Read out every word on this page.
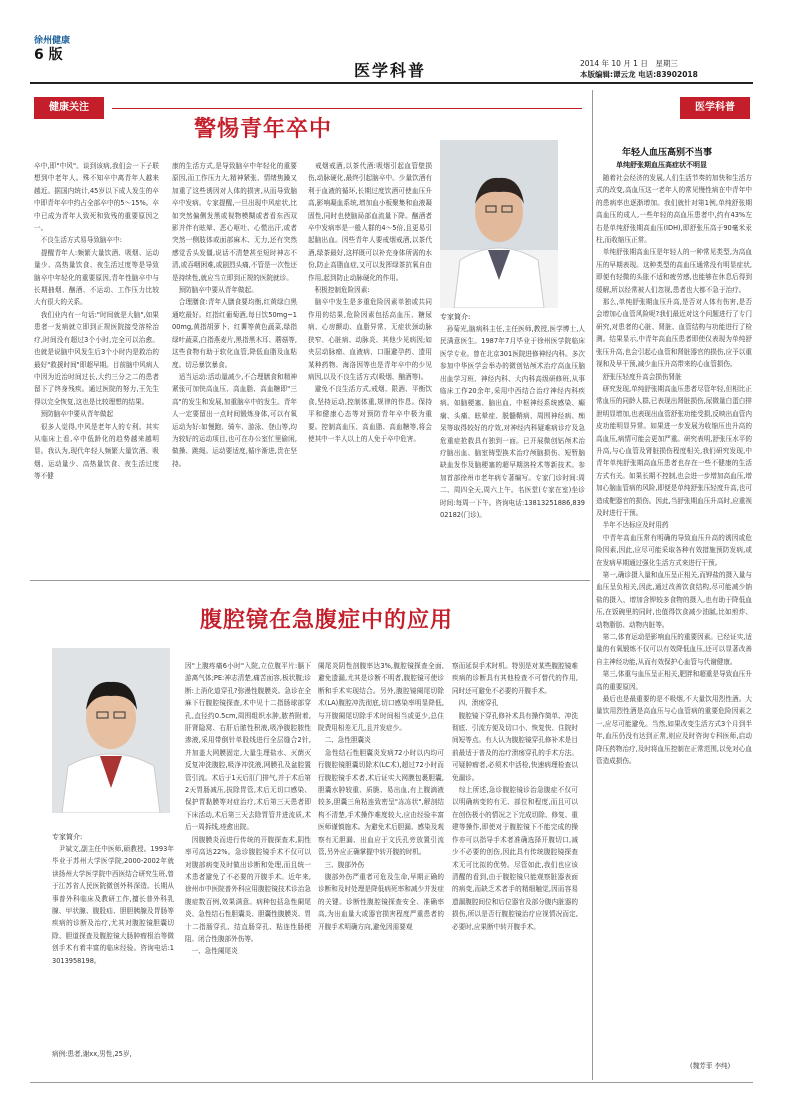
徐州健康
6 版
医学科普	2014 年 10 月 1 日　星期三
本版编辑:谭云龙 电话:83902018
健康关注
警惕青年卒中
卒中,即"中风"。谈到该病,我们会一下子联想到中老年人。殊不知卒中离青年人越来越近。据国内统计,45岁以下成人发生的卒中即青年卒中约占全部卒中的5～15%。卒中已成为青年人致死和致残的重要原因之一。
　不良生活方式易导致脑卒中:
　提醒青年人:频繁大量饮酒、吸烟、运动量少、高热量饮食、夜生活过度等是导致脑卒中年轻化的重要原因,青年性脑卒中与长期抽烟、酗酒、不运动、工作压力比较大有很大的关系。
　我们业内有一句话:"时间就是大脑",如果患者一发病就立即到正规医院接受溶栓治疗,时间没有超过3个小时,完全可以治愈。也就是说脑中风发生后3个小时内是救治的最好"救援时间"即超早期。目前脑中风病人中因为近治时间过长,大约三分之二的患者留下了终身残疾。通过医院的努力,王先生得以完全恢复,这也是比较理想的结果。
　预防脑卒中要从青年做起
　很多人觉得,中风是老年人的专利。其实从临床上看,卒中低龄化的趋势越来越明显。我认为,现代年轻人频繁大量饮酒、吸烟、运动量少、高热量饮食、夜生活过度等不健
康的生活方式,是导致脑卒中年轻化的重要原因,而工作压力大,精神紧张、情绪焦躁又加重了这些诱因对人体的损害,从而导致脑卒中发病。专家提醒,一旦出现中风症状,比如突然偏侧发黑或视物模糊或者看东西双影并伴有眩晕、恶心呕吐、心慌出汗,或者突然一侧肢体或面部麻木、无力,还有突然感觉舌头发僵,说话不清楚甚至短时神志不清,或吞咽困难,或剧烈头痛,不管是一次性还是持续性,就应当立即到正规的医院就诊。
　预防脑卒中要从青年做起。
　合理膳食:青年人膳食要均衡,红黄绿白黑通吃最好。红指红葡萄酒,每日饮50mg~100mg,黄指胡萝卜、红薯等黄色蔬菜,绿指绿叶蔬菜,白指燕麦片,黑指黑木耳、蘑菇等,这些食物有助于软化血管,降低血脂及血粘度。切忌暴饮暴食。
　适当运动:活动量减少,不合理膳食和精神紧张可加快高血压、高血脂、高血糖即"三高"的发生和发展,加重脑卒中的发生。青年人一定要留出一点时间锻炼身体,可以有氧运动为好:如慢跑、骑车、游泳、登山等,均为较好的运动项目,也可在办公室忙里偷闲,做操、跳绳。运动要适度,循序渐进,贵在坚持。
　戒烟戒酒,以茶代酒:吸烟引起血管壁损伤,动脉硬化,最终引起脑卒中。少量饮酒有利于血液的循环,长期过度饮酒可使血压升高,影响凝血系统,增加血小板聚集和血液凝固性,同时也使脑局部血流量下降。酗酒者卒中发病率是一般人群的4～5倍,且更易引起脑出血。因些青年人要戒烟戒酒,以茶代酒,绿茶最好,这样既可以补充身体所需的水份,防止高脂血症,又可以发挥绿茶抗氧自由作用,起到防止动脉硬化的作用。
　积极控制危险因素:
　脑卒中发生是多重危险因素单独或共同作用的结果,危险因素包括高血压、糖尿病、心房颤动、血脂异常、无症状颈动脉狭窄、心脏病、动脉炎、其他少见病因;如夹层动脉瘤、血液病、口服避孕药、遗用某种药物、海洛因等也是青年卒中的少见病因,以及不良生活方式(吸烟、酗酒等)。
　避免不良生活方式,戒烟、限酒、平衡饮食,坚持运动,控制体重,规律的作息。保持平和健康心态等对预防青年卒中极为重要。控制高血压、高血脂、高血糖等,将会使其中一半人以上的人免于卒中危害。
专家简介:
　孙菊光,脑病科主任,主任医师,教授,医学博士,人民满意医生。1987年7月毕业于徐州医学院临床医学专业。曾在北京301医院进修神经内科。多次参加中华医学会举办的微创钻颅术治疗高血压脑出血学习班、神经内科、大内科高级研修班,从事临床工作20余年,采用中西结合治疗神经内科疾病。如脑梗塞、脑出血、中枢神经系统感染、癫痫、头痛、眩晕症、脱髓鞘病、周围神经病、痴呆等取得较好的疗效,对神经内科疑难病诊疗及急危重症抢救具有独到一面。已开展微创钻颅术治疗脑出血、脑室铸型换术治疗颅脑损伤、短暂脑缺血发作及脑梗塞的超早期溶栓术等新技术。参加首部徐州市老年病专著编写。专家门诊时间:周二、周四全天,周六上午。名医堂(专家在室)坐诊时间:每周一下午。咨询电话:13813251886,83902182(门诊)。
腹腔镜在急腹症中的应用
专家简介:
　尹斌文,副主任中医师,硕教授。1993年毕业于苏州大学医学院,2000-2002年就读扬州大学医学院中西医结合研究生班,曾于江苏省人民医院微创外科深造。长期从事普外科临床及教研工作,擅长普外科乳腺、甲状腺、腹股疝、胆胆胰腺及胃肠等疾病的诊断及治疗,尤其对腹腔镜胆囊切除、胆道探查及腹腔镜大肠肿瘤根治等微创手术有着丰富的临床经验。咨询电话:13013958198。
病例:患者,谢xx,男性,25岁,
因"上腹疼痛6小时"入院,立位腹平片:膈下游离气体;PE:神志清楚,痛苦面容,板状腹;诊断:上消化道穿孔?弥漫性腹膜炎。急诊在全麻下行腹腔镜探查,术中见十二指肠球部穿孔,直径约0.5cm,周围组织水肿,脓苔附着,肝肾隐窝、右肝后脓性积液,吸净腹腔脓性渗液,采用带倒针单股线进行全层缝合2针,并加盖大网膜固定,大量生理盐水、灭菌灭反复冲洗腹腔,吸净冲洗液,网膜孔及盆腔置管引流。术后于1天后肛门排气,并于术后第2天胃肠减压,拔除胃管,术后无切口感染、保护胃黏膜等对症治疗,术后第三天患者即下床活动,术后第三天去除胃管并进流质,术后一周拆线,痊愈出院。
　因腹膜炎而进行传统的开腹探查术,阴性率可高达22%。急诊腹腔镜手术不仅可以对腹部病变及时做出诊断和处理,而且统一术患者避免了不必要的开腹手术。近年来,徐州市中医院普外科应用腹腔镜技术诊治急腹症数百例,效果满意。病种包括急性阑尾炎、急性结石性胆囊炎、胆囊性腹膜炎、胃十二指肠穿孔、结直肠穿孔、粘连性肠梗阻、闭合性腹部外伤等。
　一、急性阑尾炎
阑尾炎阴性剖腹率达3%,腹腔镜探查全面,避免遗漏,尤其是诊断不明者,腹腔镜可使诊断和手术实现结合。另外,腹腔镜阑尾切除术(LA)腹腔冲洗彻底,切口感染率明显降低,与开腹阑尾切除手术时间相当或更少,总住院费用相差无几,且并发症少。
　二、急性胆囊炎
　急性结石性胆囊炎发病72小时以内均可行腹腔镜胆囊切除术(LC术),超过72小时而行腹腔镜手术者,术后证实大网膜包裹胆囊,胆囊水肿较重、质脆、易出血,有上腹滴液较多,胆囊三角粘连致密呈"冻冻状",解剖结构不清楚,手术操作难度较大,应由经验丰富医师谨慎施术。为避免术后胆漏、感染及观察有无胆漏、出血应于文氏孔旁放置引流管,另外应正确掌握中转开腹的时机。
　三、腹部外伤
　腹部外伤严重者可危及生命,早期正确的诊断和及时处理是降低病死率和减少并发症的关键。诊断性腹腔镜探查安全、准确率高,为出血量大或器官损害程度严重患者的开腹手术明确方向,避免因需要观
察而延误手术时机。特别是对某些腹腔镜难疾病的诊断具有其他检查不可替代的作用,同时还可避免不必要的开腹手术。
　四、溃疡穿孔
　腹腔镜下穿孔修补术具有操作简单、冲洗彻底、引流方便及切口小、恢复快、住院时间短等点。有人认为腹腔镜穿孔修补术是目前最适于普及的治疗溃疡穿孔的手术方法。可疑肿瘤者,必须术中活检,快速病理检查以免漏诊。
　综上所述,急诊腹腔镜诊治急腹症不仅可以明确病变的有无、部位和程度,而且可以在创伤极小的情况之下完成切除、修复、重建等操作,即使对于腹腔镜下不能完成的操作亦可以指导手术者准确选择开腹切口,减少不必要的创伤,因此具有传统腹腔镜探查术无可比拟的优势。尽管如此,我们也应该清醒的看到,由于腹腔镜只能观察脏器表面的病变,而缺乏术者手的精细触觉,因而容易遗漏腹腔间位和后位器官及部分腹内脏器的损伤,所以是否行腹腔镜治疗应视情况而定,必要时,应果断中转开腹手术。
医学科普
年轻人血压高别不当事
单纯舒张期血压高症状不明显
　随着社会经济的发展,人们生活节奏的加快和生活方式的改变,高血压这一老年人的常见慢性病在中青年中的患病率也逐渐增加。我们就针对第1例,单纯舒张期高血压的成人,一些年轻的高血压患者中,约有43%左右是单纯舒张期高血压(IDH),即舒张压高于90毫米汞柱,而收缩压正常。
　单纯舒张期高血压是年轻人的一种常见类型,为高血压的早期表现。这种类型的高血压通常没有明显症状,即便有轻微的头胀不适和疲劳感,也能够在休息后得到缓解,所以经常被人们忽视,患者也大都不急于治疗。
　那么,单纯舒张期血压升高,是否对人体有伤害,是否会增加心血管风险呢?我们最近对这个问题进行了专门研究,对患者的心脏、肾脏、血管结构与功能进行了检测。结果显示,中青年高血压患者即使仅表现为单纯舒张压升高,也会引起心血管和肾脏器官的损伤,应予以重视和及早干预,减少血压升高带来的心血管损伤。
　舒张压轻度升高会损伤肾脏
　研究发现,单纯舒张期高血压患者尽管年轻,但相比正常血压的同龄人群,已表现出肾脏损伤,尿微量白蛋白排泄明显增加,也表现出血管舒张功能受损,反映出血管内皮功能明显异常。如果进一步发展为收缩压也升高的高血压,病情可能会更加严重。研究表明,舒张压水平的升高,与心血管及肾脏损伤程度相关,我们研究发现,中青年单纯舒张期高血压患者也存在一些不健康的生活方式有关。如果长期不控制,也会进一步增加高血压,增加心脑血管病的风险,即便是单纯舒张压轻度升高,也可造成靶器官的损伤。因此,当舒张期血压升高时,应重视及时进行干预。
　半年不达标应及时用药
　中青年高血压常有明确的导致血压升高的诱因或危险因素,因此,应尽可能采取各种有效措施预防发病,或在发病早期通过强化生活方式来进行干预。
　第一,确诊摄入量和血压呈正相关,而钾盐的摄入量与血压呈负相关,因此,通过改善饮食结构,尽可能减少钠盐的摄入、增加含钾较多食物的摄入,也有助于降低血压,在饭碗里的同时,也值得饮食减少油腻,比如煎炸、动物脂肪、动物内脏等。
　第二,体育运动是影响血压的重要因素。已经证实,适量的有氧锻炼不仅可以有效降低血压,还可以显著改善自主神经功能,从而有效保护心血管与代谢健康。
　第三,体重与血压呈正相关,肥胖和超重是导致血压升高的重要原因。
　最后也是最重要的是不吸烟,不大量饮用烈性酒。大量饮用烈性酒是高血压与心血管病的重要危险因素之一,应尽可能避免。当然,如果改变生活方式3个月到半年,血压仍没有达到正常,则应及时咨询专科医师,启动降压药物治疗,及时将血压控制在正常范围,以免对心血管造成损伤。
(魏芳菲 李纯)
